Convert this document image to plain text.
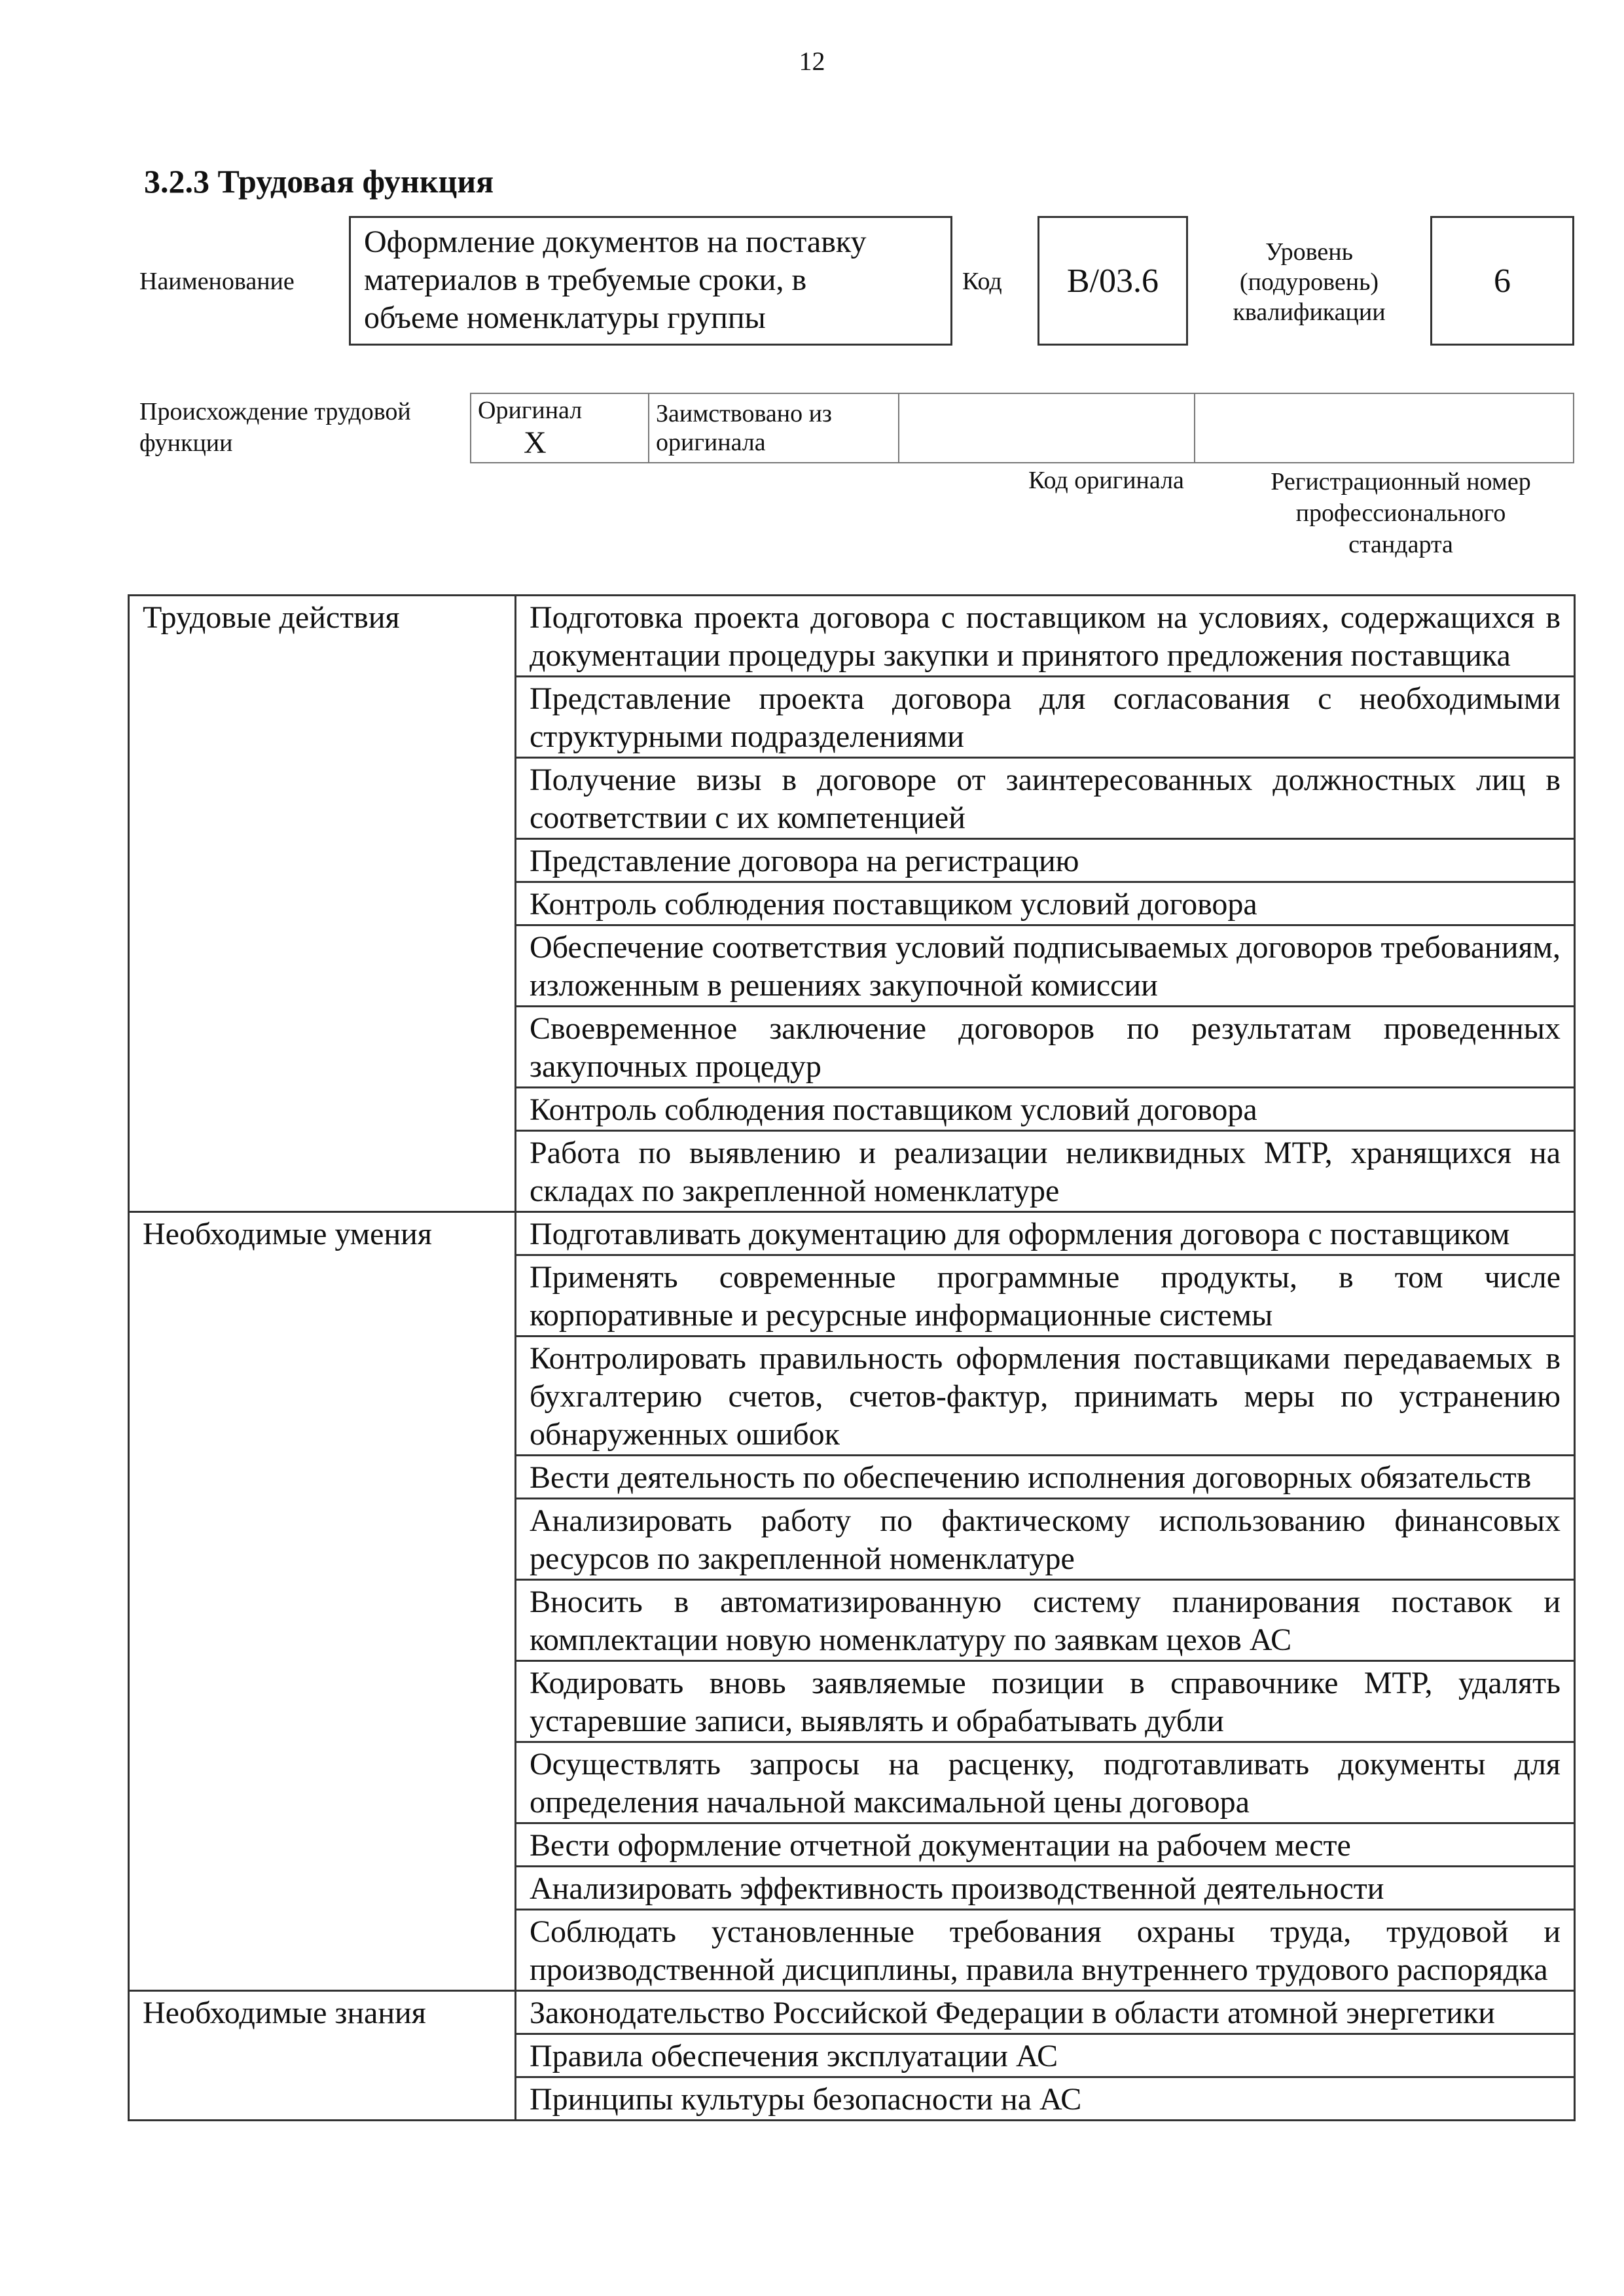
12
3.2.3 Трудовая функция
Наименование
Оформление документов на поставку
материалов в требуемые сроки, в
объеме номенклатуры группы
Код	B/03.6
Уровень
(подуровень)
квалификации
6
Происхождение трудовой
функции
Оригинал X	
Заимствовано из
оригинала

Код оригинала	Регистрационный номер
профессионального
стандарта
Трудовые действия	Подготовка проекта договора с поставщиком на условиях, содержащихся в документации процедуры закупки и принятого предложения поставщика
	Представление проекта договора для согласования с необходимыми структурными подразделениями
	Получение визы в договоре от заинтересованных должностных лиц в соответствии с их компетенцией
	Представление договора на регистрацию
	Контроль соблюдения поставщиком условий договора
	Обеспечение соответствия условий подписываемых договоров требованиям, изложенным в решениях закупочной комиссии
	Своевременное заключение договоров по результатам проведенных закупочных процедур
	Контроль соблюдения поставщиком условий договора
	Работа по выявлению и реализации неликвидных МТР, хранящихся на складах по закрепленной номенклатуре
Необходимые умения	Подготавливать документацию для оформления договора с поставщиком
	Применять современные программные продукты, в том числе корпоративные и ресурсные информационные системы
	Контролировать правильность оформления поставщиками передаваемых в бухгалтерию счетов, счетов-фактур, принимать меры по устранению обнаруженных ошибок
	Вести деятельность по обеспечению исполнения договорных обязательств
	Анализировать работу по фактическому использованию финансовых ресурсов по закрепленной номенклатуре
	Вносить в автоматизированную систему планирования поставок и комплектации новую номенклатуру по заявкам цехов АС
	Кодировать вновь заявляемые позиции в справочнике МТР, удалять устаревшие записи, выявлять и обрабатывать дубли
	Осуществлять запросы на расценку, подготавливать документы для определения начальной максимальной цены договора
	Вести оформление отчетной документации на рабочем месте
	Анализировать эффективность производственной деятельности
	Соблюдать установленные требования охраны труда, трудовой и производственной дисциплины, правила внутреннего трудового распорядка
Необходимые знания	Законодательство Российской Федерации в области атомной энергетики
	Правила обеспечения эксплуатации АС
	Принципы культуры безопасности на АС
